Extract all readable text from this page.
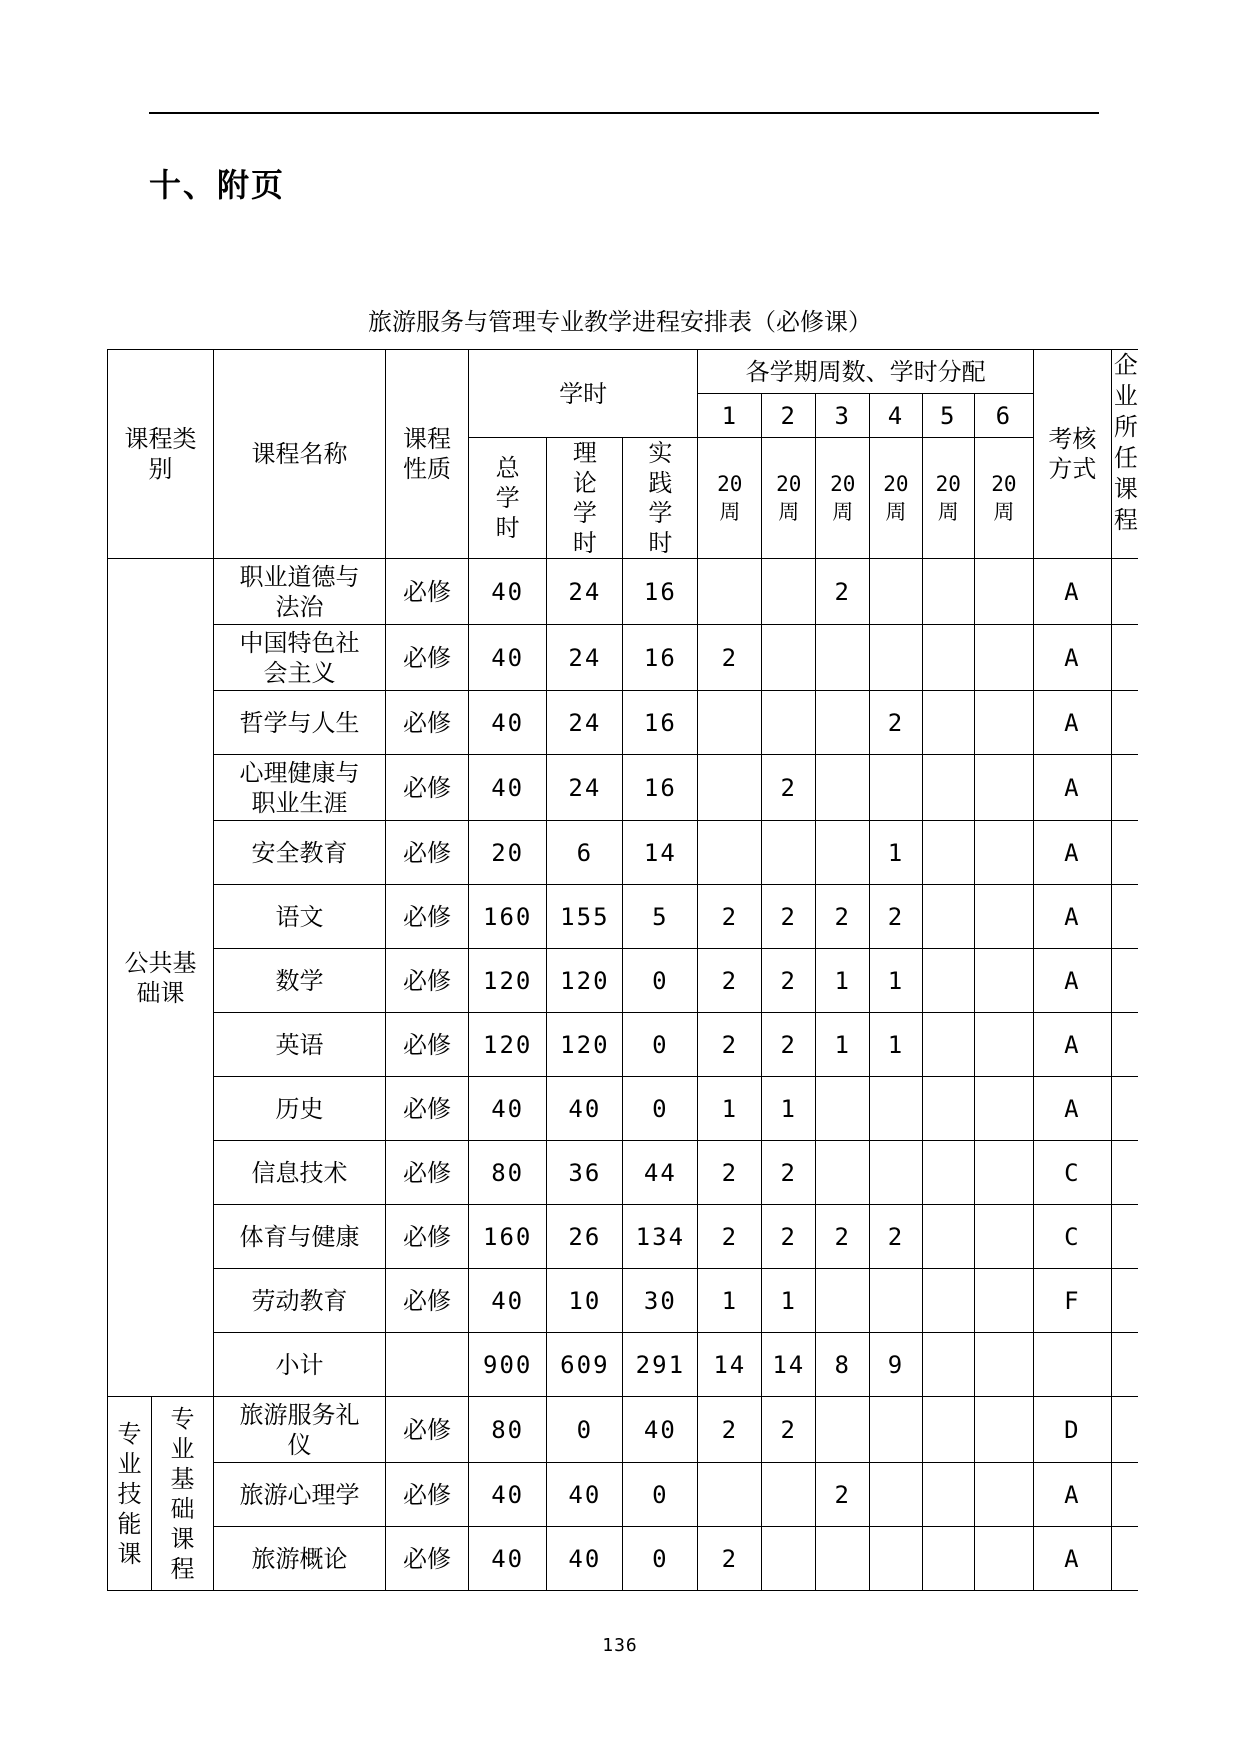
十、附页
旅游服务与管理专业教学进程安排表（必修课）
课程类别		课程名称	课程性质	学时			各学期周数、学时分配						考核方式	企业所任课程

							1	2	3	4	5	6		
				总学时	理论学时	实践学时	20周	20周	20周	20周	20周	20周		
公共基础课		职业道德与法治	必修	40	24	16			2				A	
		中国特色社会主义	必修	40	24	16	2						A	
		哲学与人生	必修	40	24	16				2			A	
		心理健康与职业生涯	必修	40	24	16		2					A	
		安全教育	必修	20	6	14				1			A	
		语文	必修	160	155	5	2	2	2	2			A	
		数学	必修	120	120	0	2	2	1	1			A	
		英语	必修	120	120	0	2	2	1	1			A	
		历史	必修	40	40	0	1	1					A	
		信息技术	必修	80	36	44	2	2					C	
		体育与健康	必修	160	26	134	2	2	2	2			C	
		劳动教育	必修	40	10	30	1	1					F	
		小计		900	609	291	14	14	8	9				

专业技能课	专业基础课程	旅游服务礼仪	必修	80	0	40	2	2					D	
		旅游心理学	必修	40	40	0			2				A	
		旅游概论	必修	40	40	0	2						A	
136
